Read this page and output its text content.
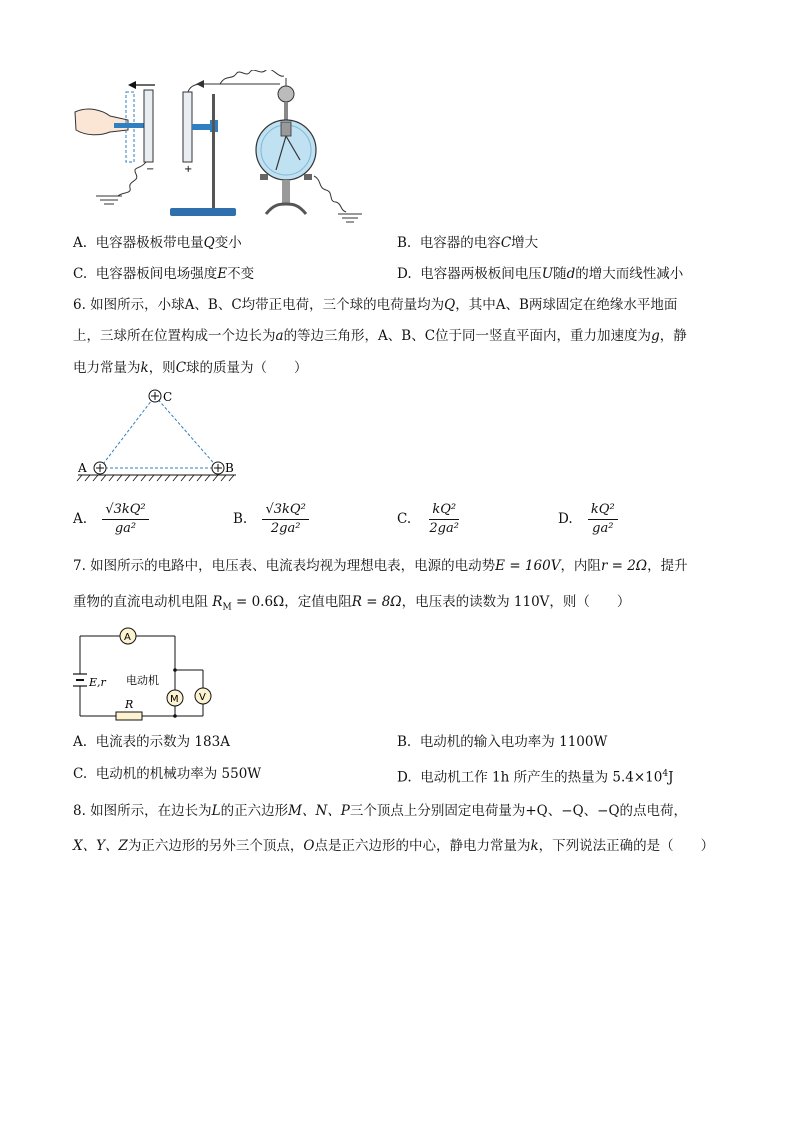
−	+
A. 电容器极板带电量Q变小	B. 电容器的电容C增大
C. 电容器板间电场强度E不变	D. 电容器两极板间电压U随d的增大而线性减小
6. 如图所示，小球A、B、C均带正电荷，三个球的电荷量均为Q，其中A、B两球固定在绝缘水平地面
上，三球所在位置构成一个边长为a的等边三角形，A、B、C位于同一竖直平面内，重力加速度为g，静
电力常量为k，则C球的质量为（　　）
C
A	B
A.
$\frac{\text{√3kQ²}}{\text{ga²}}$	B.
$\frac{\text{√3kQ²}}{\text{2ga²}}$	C.
$\frac{\text{kQ²}}{\text{2ga²}}$	D.
$\frac{\text{kQ²}}{\text{ga²}}$
7. 如图所示的电路中，电压表、电流表均视为理想电表，电源的电动势E = 160V，内阻r = 2Ω，提升
重物的直流电动机电阻 $R_M = 0.6\Omega$，定值电阻R = 8Ω，电压表的读数为 110V，则（　　）
E,r 电动机
A
M V
R
A. 电流表的示数为 183A	B. 电动机的输入电功率为 1100W
C. 电动机的机械功率为 550W	D. 电动机工作 1h 所产生的热量为 $5.4\times 10^4J$
8. 如图所示，在边长为L的正六边形M、N、P三个顶点上分别固定电荷量为+Q、−Q、−Q的点电荷，
X、Y、Z为正六边形的另外三个顶点，O点是正六边形的中心，静电力常量为k，下列说法正确的是（　　）
